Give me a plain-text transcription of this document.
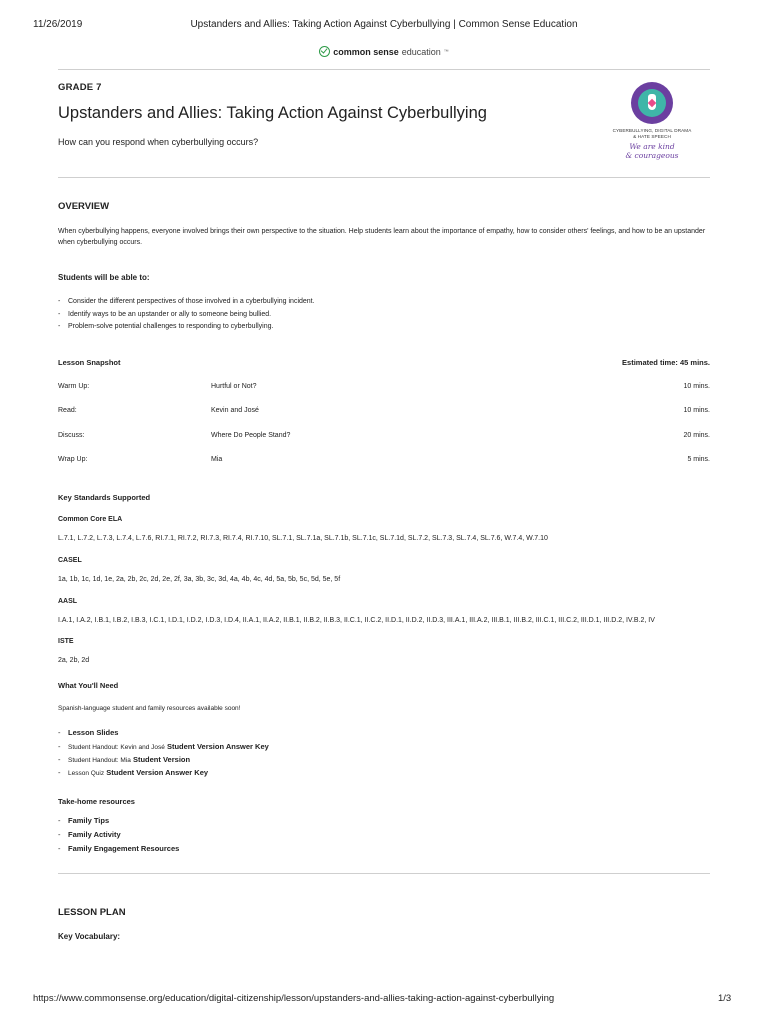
11/26/2019	Upstanders and Allies: Taking Action Against Cyberbullying | Common Sense Education
common sense education ™
GRADE 7
Upstanders and Allies: Taking Action Against Cyberbullying
How can you respond when cyberbullying occurs?
CYBERBULLYING, DIGITAL DRAMA
& HATE SPEECH
We are kind
& courageous
OVERVIEW
When cyberbullying happens, everyone involved brings their own perspective to the situation. Help students learn about the importance of empathy, how to consider others' feelings, and how to be an upstander when cyberbullying occurs.
Students will be able to:
- Consider the different perspectives of those involved in a cyberbullying incident.
- Identify ways to be an upstander or ally to someone being bullied.
- Problem-solve potential challenges to responding to cyberbullying.
Lesson Snapshot	Estimated time: 45 mins.
Warm Up:	Hurtful or Not?	10 mins.
Read:	Kevin and José	10 mins.
Discuss:	Where Do People Stand?	20 mins.
Wrap Up:	Mia	5 mins.
Key Standards Supported
Common Core ELA
L.7.1, L.7.2, L.7.3, L.7.4, L.7.6, RI.7.1, RI.7.2, RI.7.3, RI.7.4, RI.7.10, SL.7.1, SL.7.1a, SL.7.1b, SL.7.1c, SL.7.1d, SL.7.2, SL.7.3, SL.7.4, SL.7.6, W.7.4, W.7.10
CASEL
1a, 1b, 1c, 1d, 1e, 2a, 2b, 2c, 2d, 2e, 2f, 3a, 3b, 3c, 3d, 4a, 4b, 4c, 4d, 5a, 5b, 5c, 5d, 5e, 5f
AASL
I.A.1, I.A.2, I.B.1, I.B.2, I.B.3, I.C.1, I.D.1, I.D.2, I.D.3, I.D.4, II.A.1, II.A.2, II.B.1, II.B.2, II.B.3, II.C.1, II.C.2, II.D.1, II.D.2, II.D.3, III.A.1, III.A.2, III.B.1, III.B.2, III.C.1, III.C.2, III.D.1, III.D.2, IV.B.2, IV
ISTE
2a, 2b, 2d
What You'll Need
Spanish-language student and family resources available soon!
- Lesson Slides
- Student Handout: Kevin and José Student Version Answer Key
- Student Handout: Mia Student Version
- Lesson Quiz Student Version Answer Key
Take-home resources
- Family Tips
- Family Activity
- Family Engagement Resources
LESSON PLAN
Key Vocabulary:
https://www.commonsense.org/education/digital-citizenship/lesson/upstanders-and-allies-taking-action-against-cyberbullying	1/3
